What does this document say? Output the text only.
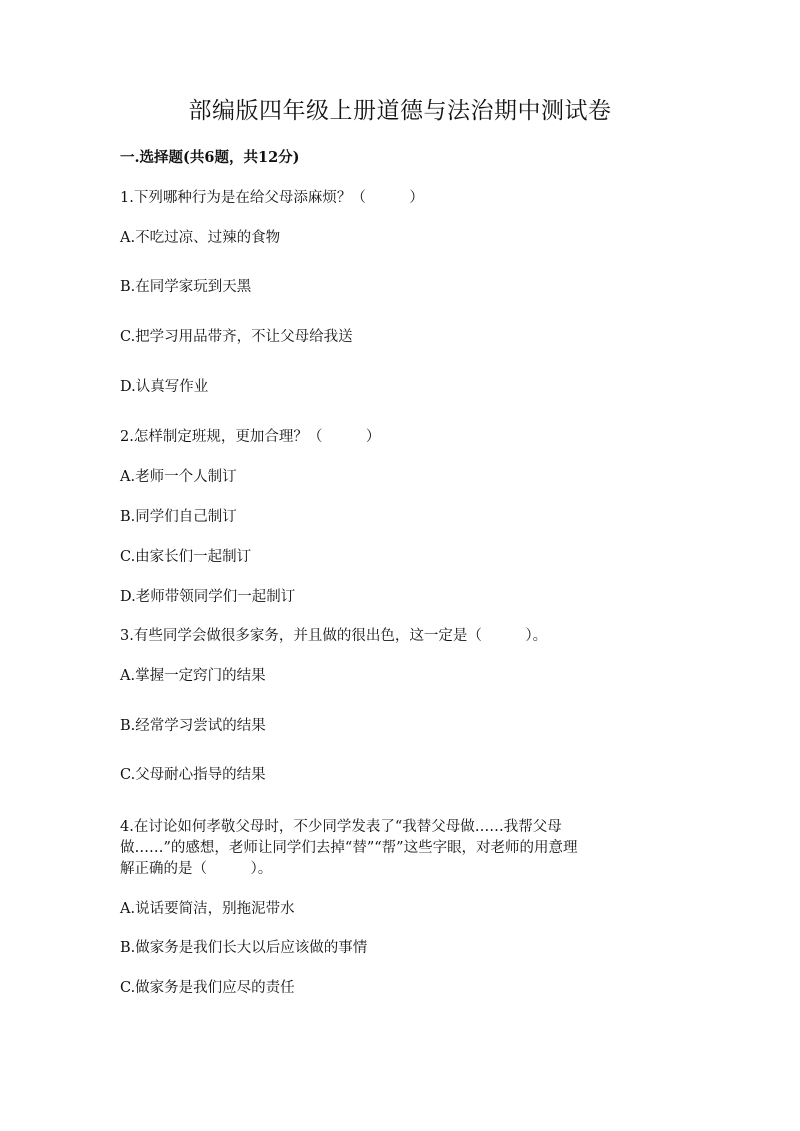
部编版四年级上册道德与法治期中测试卷
一.选择题(共6题，共12分)
1.下列哪种行为是在给父母添麻烦？（　　　）
A.不吃过凉、过辣的食物
B.在同学家玩到天黑
C.把学习用品带齐，不让父母给我送
D.认真写作业
2.怎样制定班规，更加合理？（　　　）
A.老师一个人制订
B.同学们自己制订
C.由家长们一起制订
D.老师带领同学们一起制订
3.有些同学会做很多家务，并且做的很出色，这一定是（　　　）。
A.掌握一定窍门的结果
B.经常学习尝试的结果
C.父母耐心指导的结果
4.在讨论如何孝敬父母时，不少同学发表了“我替父母做……我帮父母
做……”的感想，老师让同学们去掉“替”“帮”这些字眼，对老师的用意理
解正确的是（　　　）。
A.说话要简洁，别拖泥带水
B.做家务是我们长大以后应该做的事情
C.做家务是我们应尽的责任
